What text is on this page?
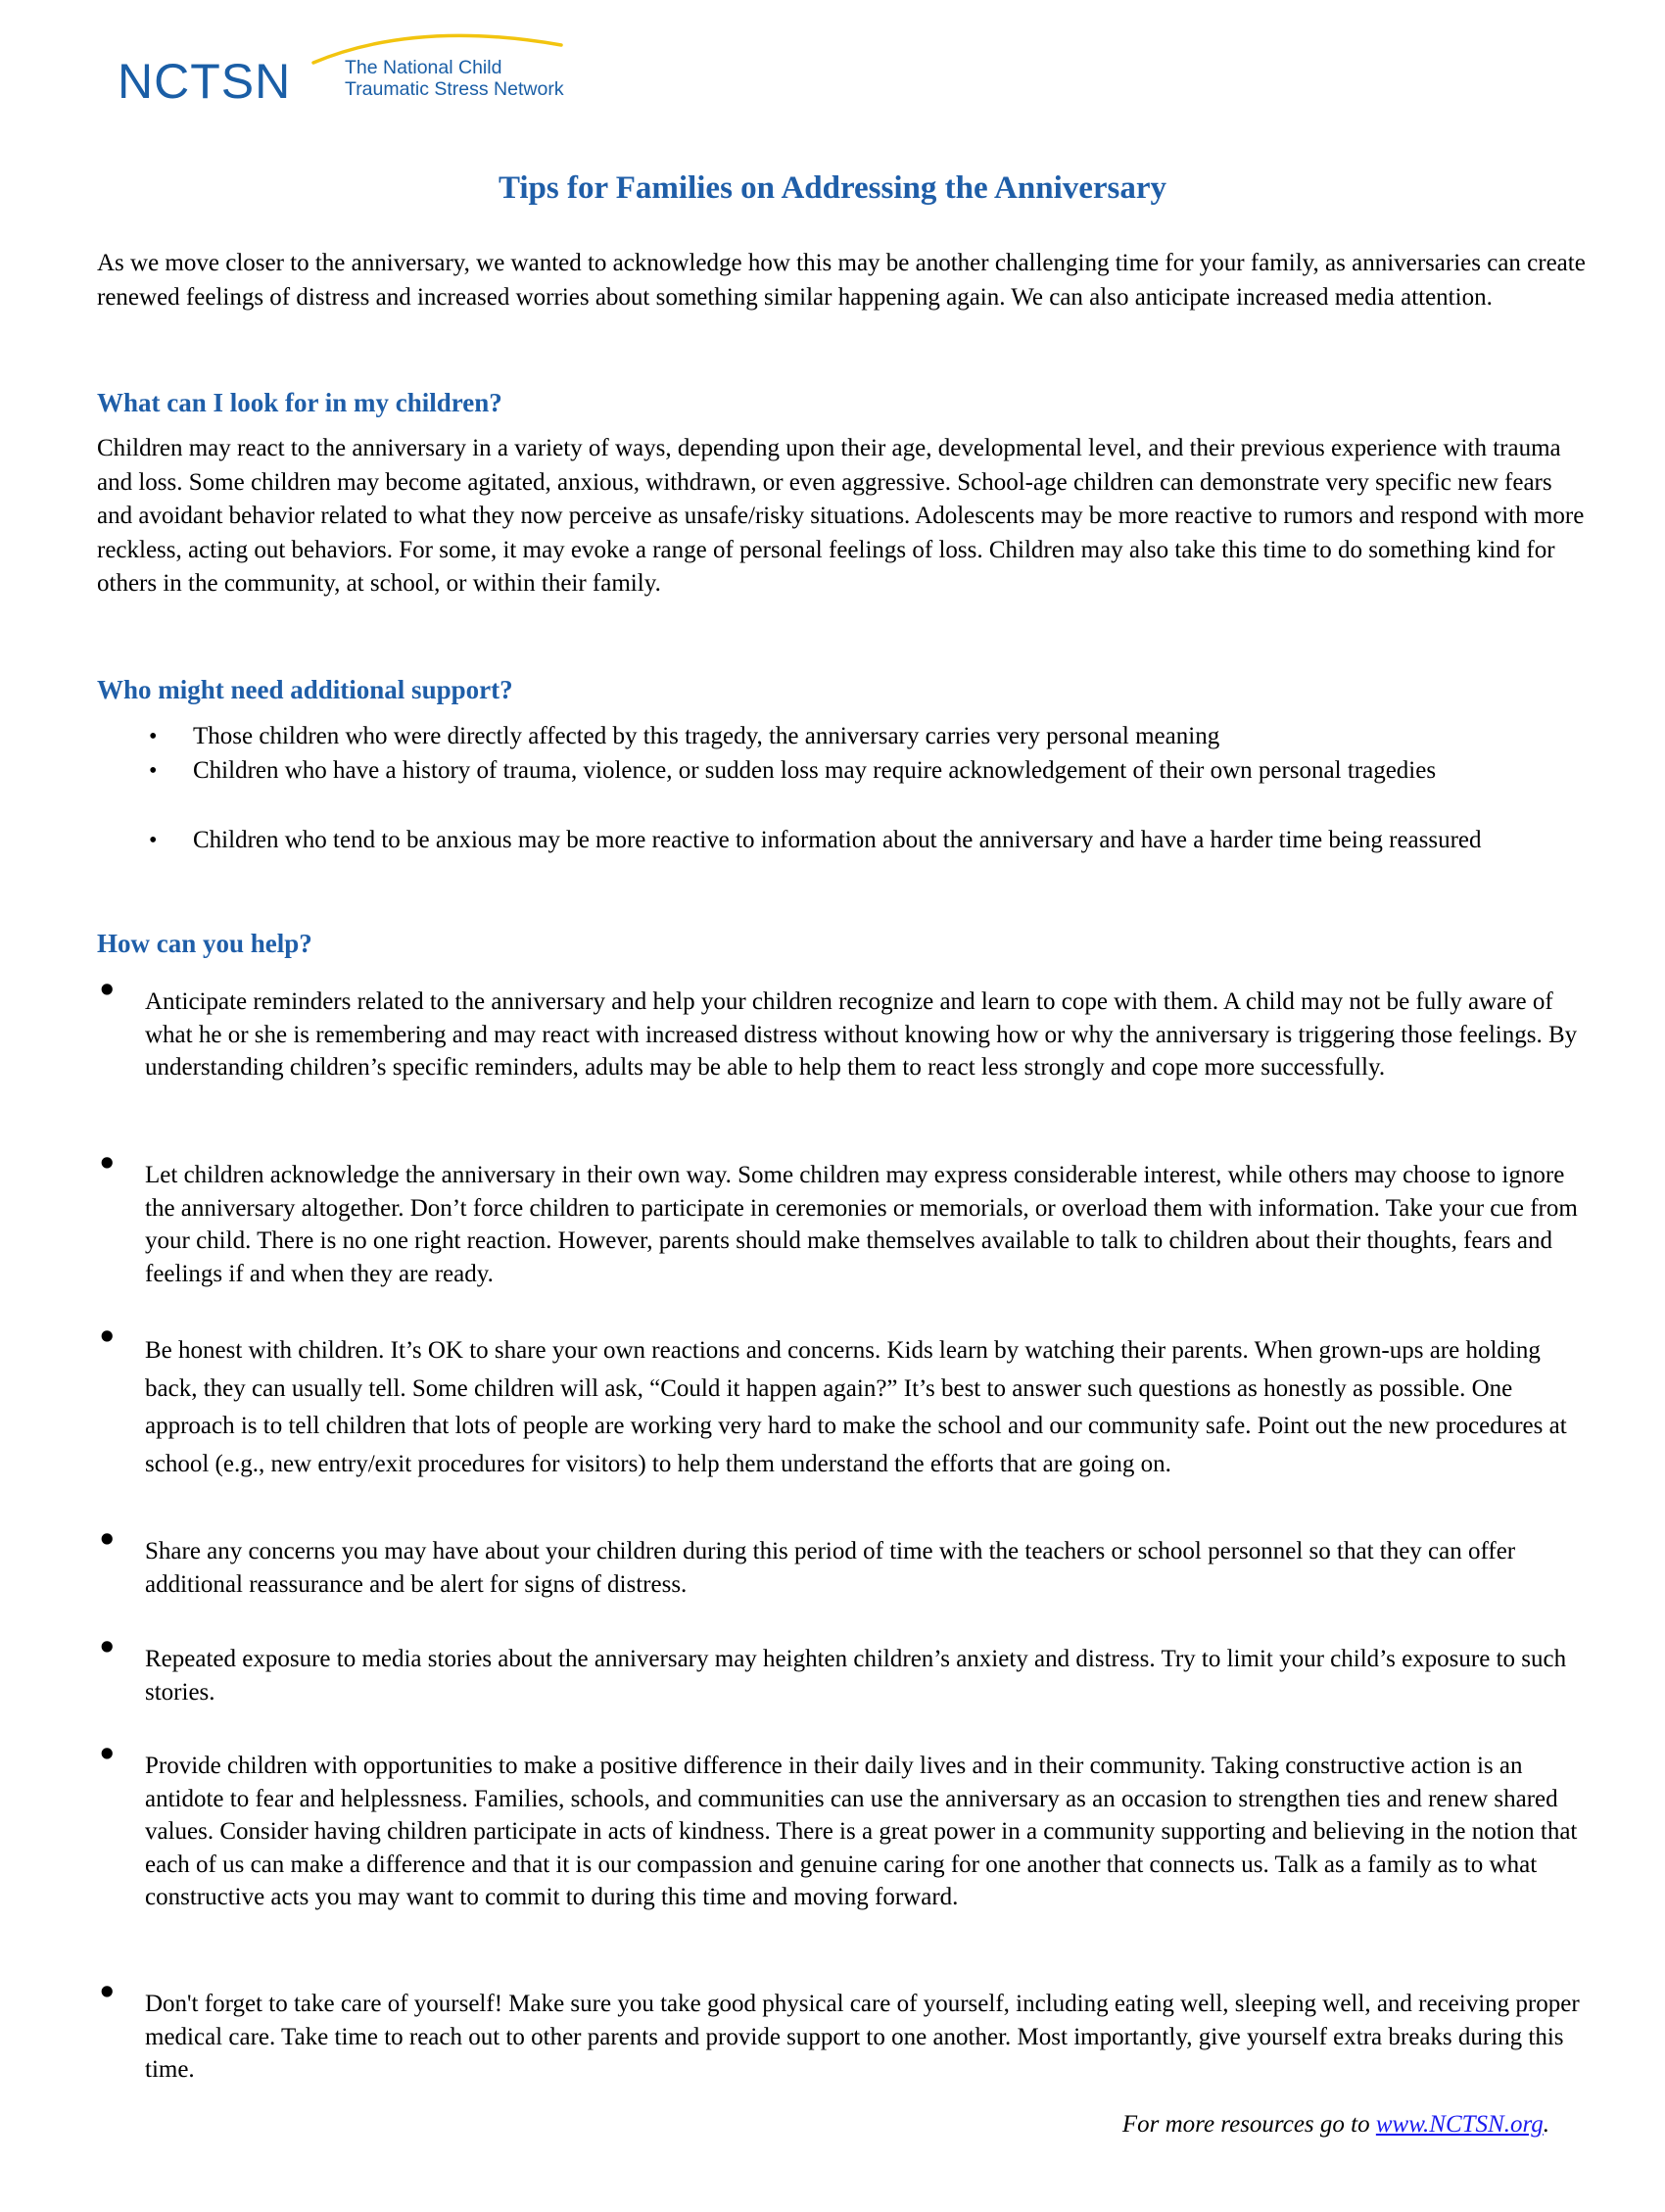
NCTSN	The National Child
Traumatic Stress Network
Tips for Families on Addressing the Anniversary

As we move closer to the anniversary, we wanted to acknowledge how this may be another challenging time for your family, as anniversaries can create renewed feelings of distress and increased worries about something similar happening again. We can also anticipate increased media attention.

What can I look for in my children?

Children may react to the anniversary in a variety of ways, depending upon their age, developmental level, and their previous experience with trauma and loss. Some children may become agitated, anxious, withdrawn, or even aggressive. School-age children can demonstrate very specific new fears and avoidant behavior related to what they now perceive as unsafe/risky situations. Adolescents may be more reactive to rumors and respond with more reckless, acting out behaviors. For some, it may evoke a range of personal feelings of loss. Children may also take this time to do something kind for others in the community, at school, or within their family.

Who might need additional support?
• Those children who were directly affected by this tragedy, the anniversary carries very personal meaning
• Children who have a history of trauma, violence, or sudden loss may require acknowledgement of their own personal tragedies
• Children who tend to be anxious may be more reactive to information about the anniversary and have a harder time being reassured
How can you help?
• Anticipate reminders related to the anniversary and help your children recognize and learn to cope with them. A child may not be fully aware of what he or she is remembering and may react with increased distress without knowing how or why the anniversary is triggering those feelings. By understanding children’s specific reminders, adults may be able to help them to react less strongly and cope more successfully.
• Let children acknowledge the anniversary in their own way. Some children may express considerable interest, while others may choose to ignore the anniversary altogether. Don’t force children to participate in ceremonies or memorials, or overload them with information. Take your cue from your child. There is no one right reaction. However, parents should make themselves available to talk to children about their thoughts, fears and feelings if and when they are ready.
• Be honest with children. It’s OK to share your own reactions and concerns. Kids learn by watching their parents. When grown-ups are holding back, they can usually tell. Some children will ask, “Could it happen again?” It’s best to answer such questions as honestly as possible. One approach is to tell children that lots of people are working very hard to make the school and our community safe. Point out the new procedures at school (e.g., new entry/exit procedures for visitors) to help them understand the efforts that are going on.
• Share any concerns you may have about your children during this period of time with the teachers or school personnel so that they can offer additional reassurance and be alert for signs of distress.
• Repeated exposure to media stories about the anniversary may heighten children’s anxiety and distress. Try to limit your child’s exposure to such stories.
• Provide children with opportunities to make a positive difference in their daily lives and in their community. Taking constructive action is an antidote to fear and helplessness. Families, schools, and communities can use the anniversary as an occasion to strengthen ties and renew shared values. Consider having children participate in acts of kindness. There is a great power in a community supporting and believing in the notion that each of us can make a difference and that it is our compassion and genuine caring for one another that connects us. Talk as a family as to what constructive acts you may want to commit to during this time and moving forward.
• Don't forget to take care of yourself! Make sure you take good physical care of yourself, including eating well, sleeping well, and receiving proper medical care. Take time to reach out to other parents and provide support to one another. Most importantly, give yourself extra breaks during this time.
For more resources go to www.NCTSN.org.
